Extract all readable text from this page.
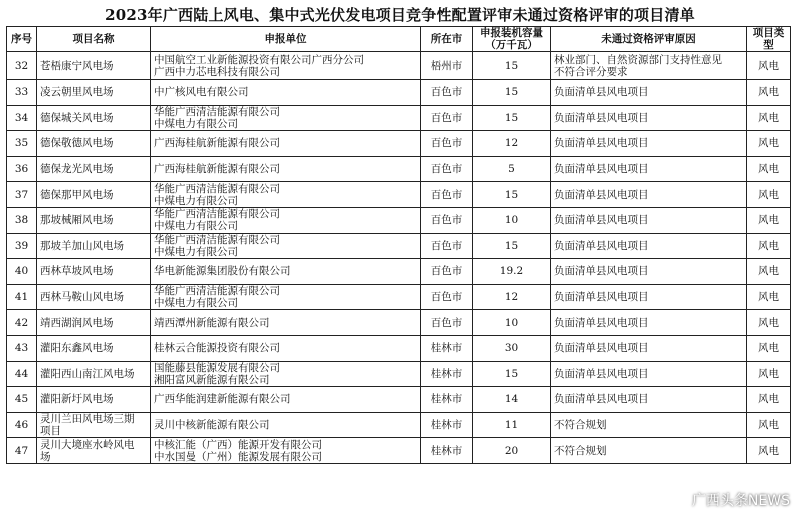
2023年广西陆上风电、集中式光伏发电项目竞争性配置评审未通过资格评审的项目清单
序号	项目名称	申报单位	所在市	申报装机容量（万千瓦）	未通过资格评审原因	项目类型

32	苍梧康宁风电场	中国航空工业新能源投资有限公司广西分公司
广西中力芯电科技有限公司	梧州市	15	林业部门、自然资源部门支持性意见
不符合评分要求	风电
33	凌云朝里风电场	中广核风电有限公司	百色市	15	负面清单县风电项目	风电
34	德保城关风电场	华能广西清洁能源有限公司
中煤电力有限公司	百色市	15	负面清单县风电项目	风电
35	德保敬德风电场	广西海桂航新能源有限公司	百色市	12	负面清单县风电项目	风电
36	德保龙光风电场	广西海桂航新能源有限公司	百色市	5	负面清单县风电项目	风电
37	德保那甲风电场	华能广西清洁能源有限公司
中煤电力有限公司	百色市	15	负面清单县风电项目	风电
38	那坡械厢风电场	华能广西清洁能源有限公司
中煤电力有限公司	百色市	10	负面清单县风电项目	风电
39	那坡羊加山风电场	华能广西清洁能源有限公司
中煤电力有限公司	百色市	15	负面清单县风电项目	风电
40	西林草坡风电场	华电新能源集团股份有限公司	百色市	19.2	负面清单县风电项目	风电
41	西林马鞍山风电场	华能广西清洁能源有限公司
中煤电力有限公司	百色市	12	负面清单县风电项目	风电
42	靖西湖润风电场	靖西潭州新能源有限公司	百色市	10	负面清单县风电项目	风电
43	灌阳东鑫风电场	桂林云合能源投资有限公司	桂林市	30	负面清单县风电项目	风电
44	灌阳西山南江风电场	国能藤县能源发展有限公司
湘阳富风新能源有限公司	桂林市	15	负面清单县风电项目	风电
45	灌阳新圩风电场	广西华能润建新能源有限公司	桂林市	14	负面清单县风电项目	风电
46	灵川兰田风电场三期
项目	灵川中核新能源有限公司	桂林市	11	不符合规划	风电
47	灵川大境座水岭风电
场	中核汇能（广西）能源开发有限公司
中水国曼（广州）能源发展有限公司	桂林市	20	不符合规划	风电
广西头条NEWS
